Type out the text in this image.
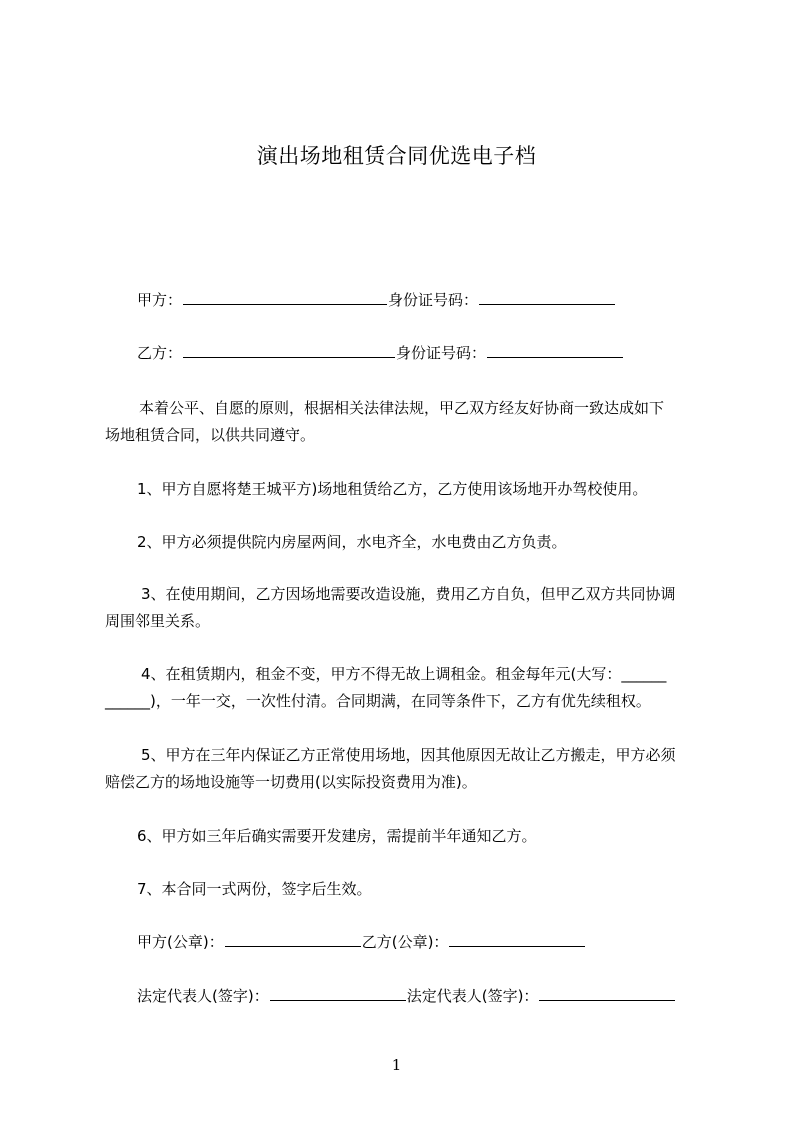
演出场地租赁合同优选电子档
甲方：	身份证号码：
乙方：	身份证号码：
本着公平、自愿的原则，根据相关法律法规，甲乙双方经友好协商一致达成如下
场地租赁合同，以供共同遵守。
1、甲方自愿将楚王城平方)场地租赁给乙方，乙方使用该场地开办驾校使用。
2、甲方必须提供院内房屋两间，水电齐全，水电费由乙方负责。
3、在使用期间，乙方因场地需要改造设施，费用乙方自负，但甲乙双方共同协调
周围邻里关系。
4、在租赁期内，租金不变，甲方不得无故上调租金。租金每年元(大写：______
______)，一年一交，一次性付清。合同期满，在同等条件下，乙方有优先续租权。
5、甲方在三年内保证乙方正常使用场地，因其他原因无故让乙方搬走，甲方必须
赔偿乙方的场地设施等一切费用(以实际投资费用为准)。
6、甲方如三年后确实需要开发建房，需提前半年通知乙方。
7、本合同一式两份，签字后生效。
甲方(公章)：	乙方(公章)：
法定代表人(签字)：	法定代表人(签字)：
1
